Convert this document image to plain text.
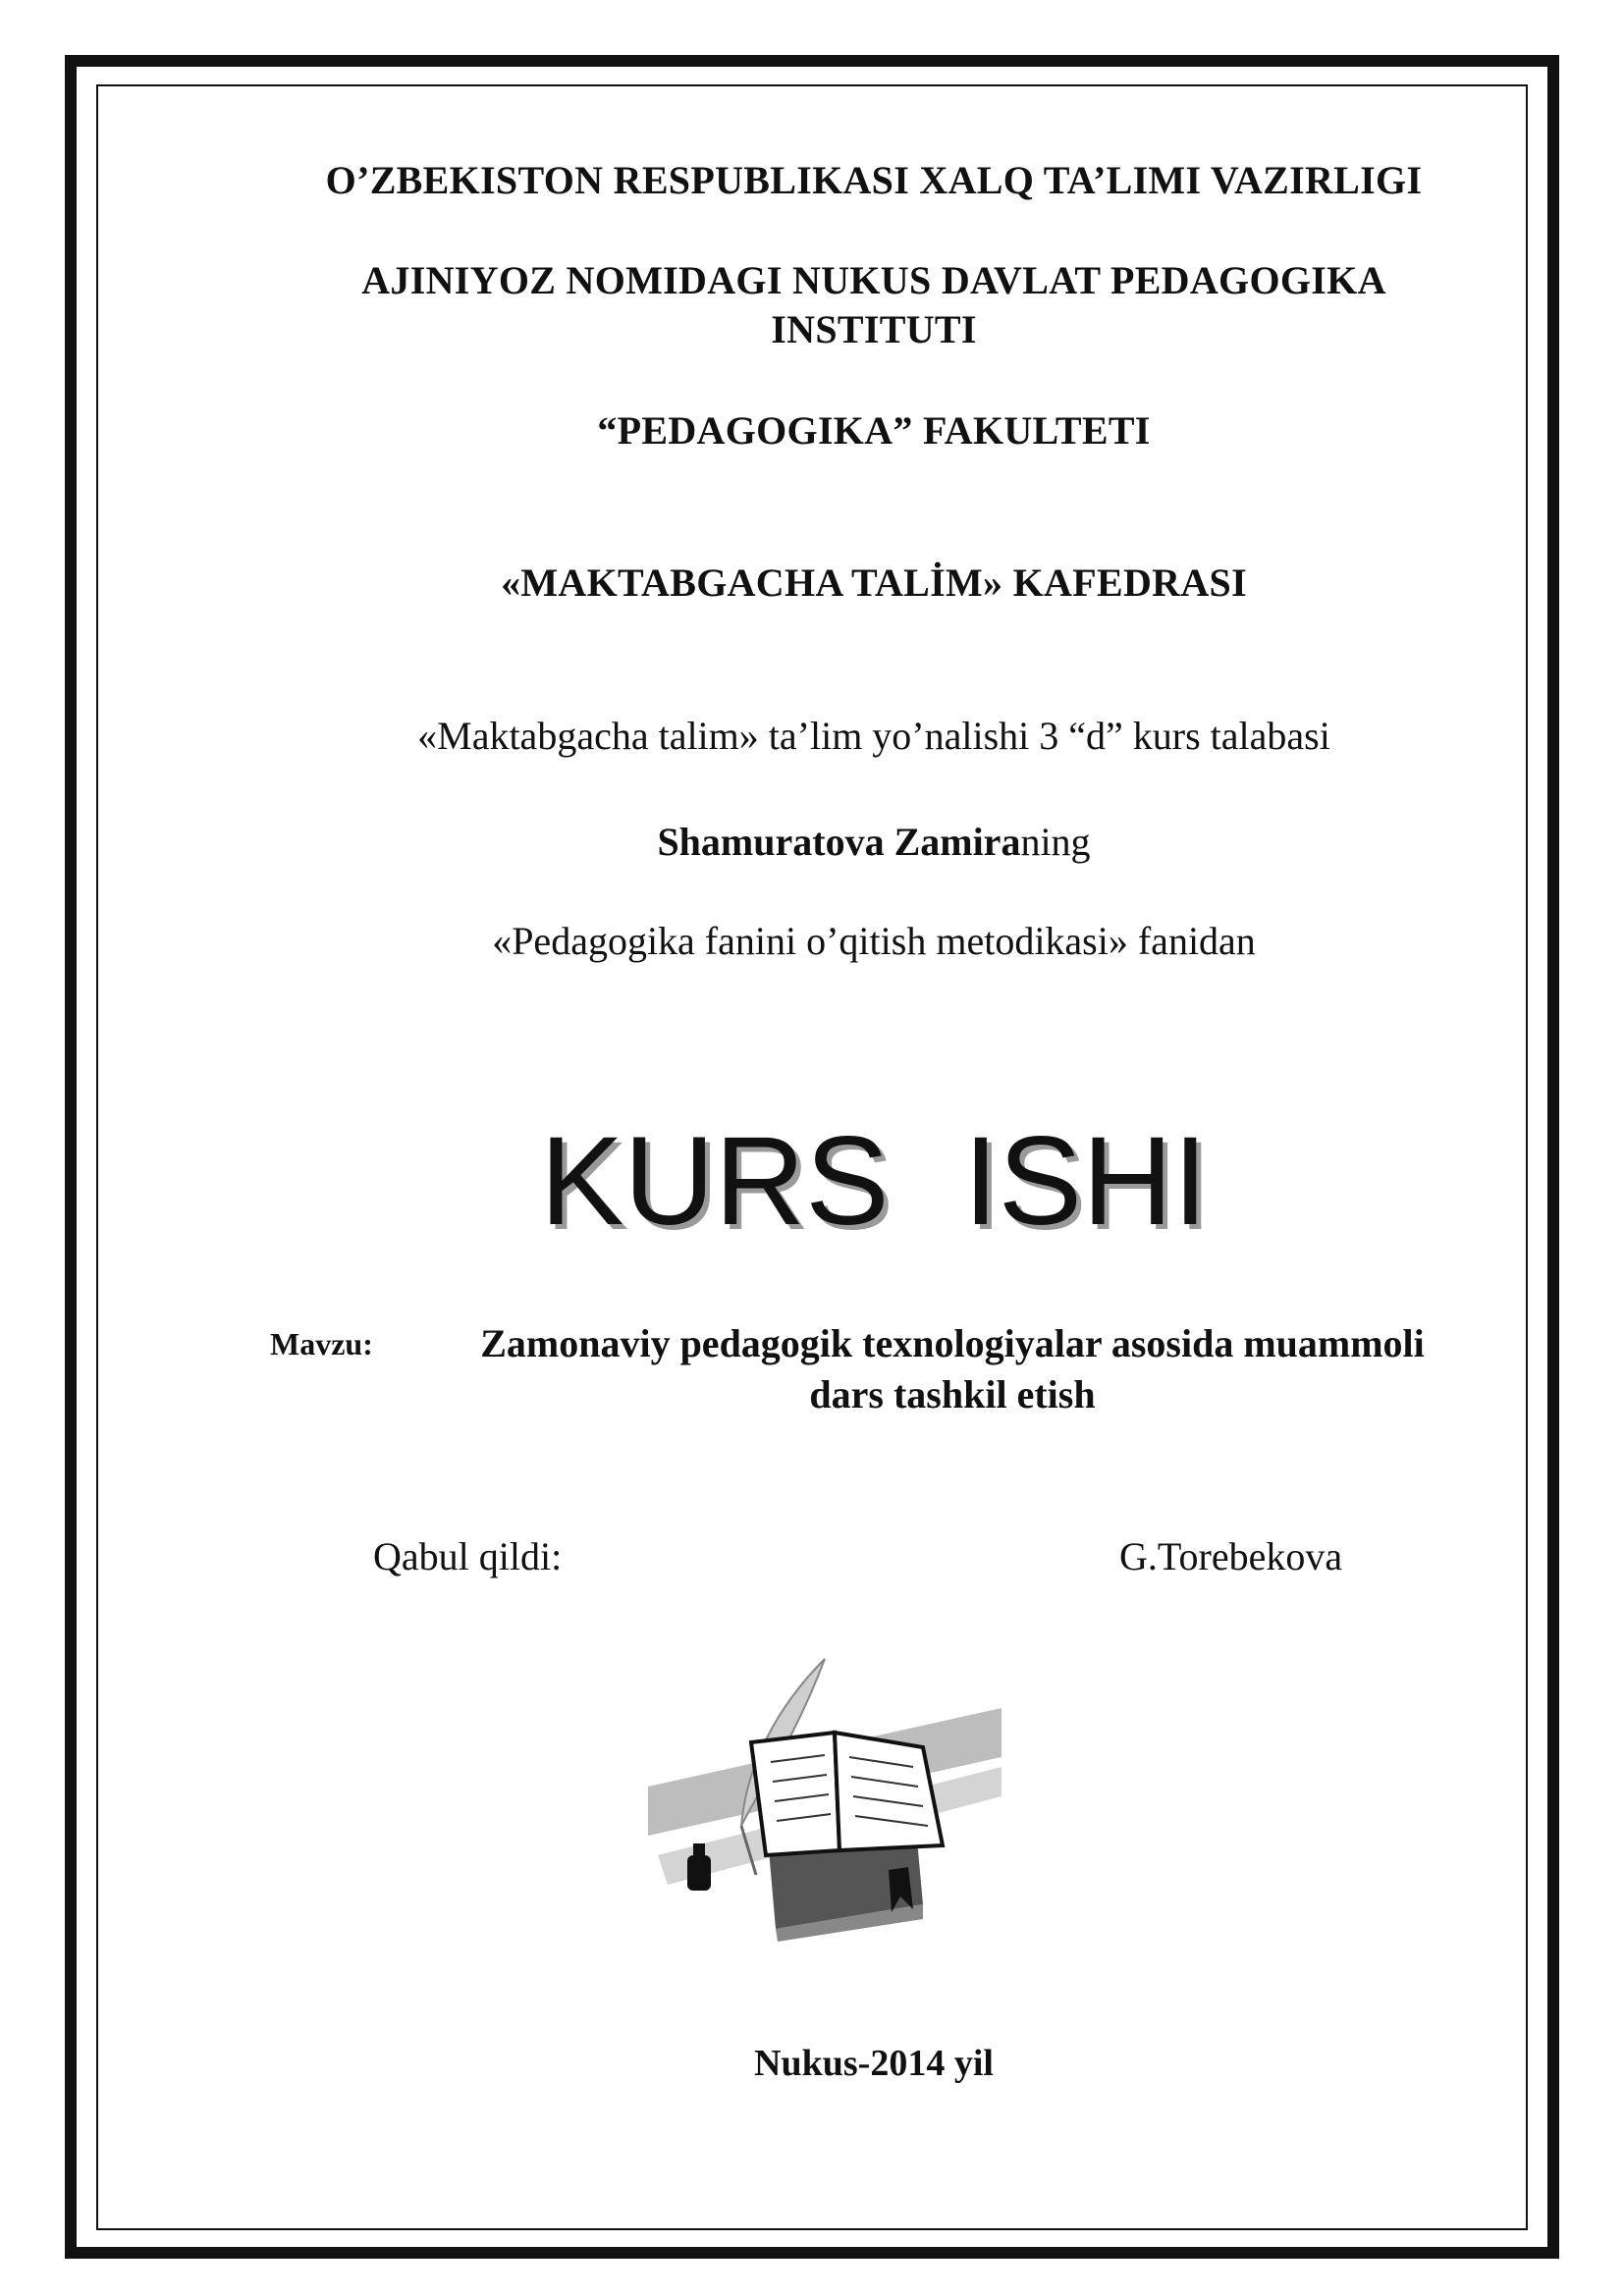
O’ZBEKISTON RESPUBLIKASI XALQ TA’LIMI VAZIRLIGI
AJINIYOZ NOMIDAGI NUKUS DAVLAT PEDAGOGIKA
INSTITUTI
“PEDAGOGIKA” FAKULTETI
«MAKTABGACHA TALİM» KAFEDRASI
«Maktabgacha talim» ta’lim yo’nalishi 3 “d” kurs talabasi
Shamuratova Zamiraning
«Pedagogika fanini o’qitish metodikasi» fanidan
KURS ISHI
Mavzu:	Zamonaviy pedagogik texnologiyalar asosida muammoli
dars tashkil etish
Qabul qildi:	G.Torebekova
Nukus-2014 yil
